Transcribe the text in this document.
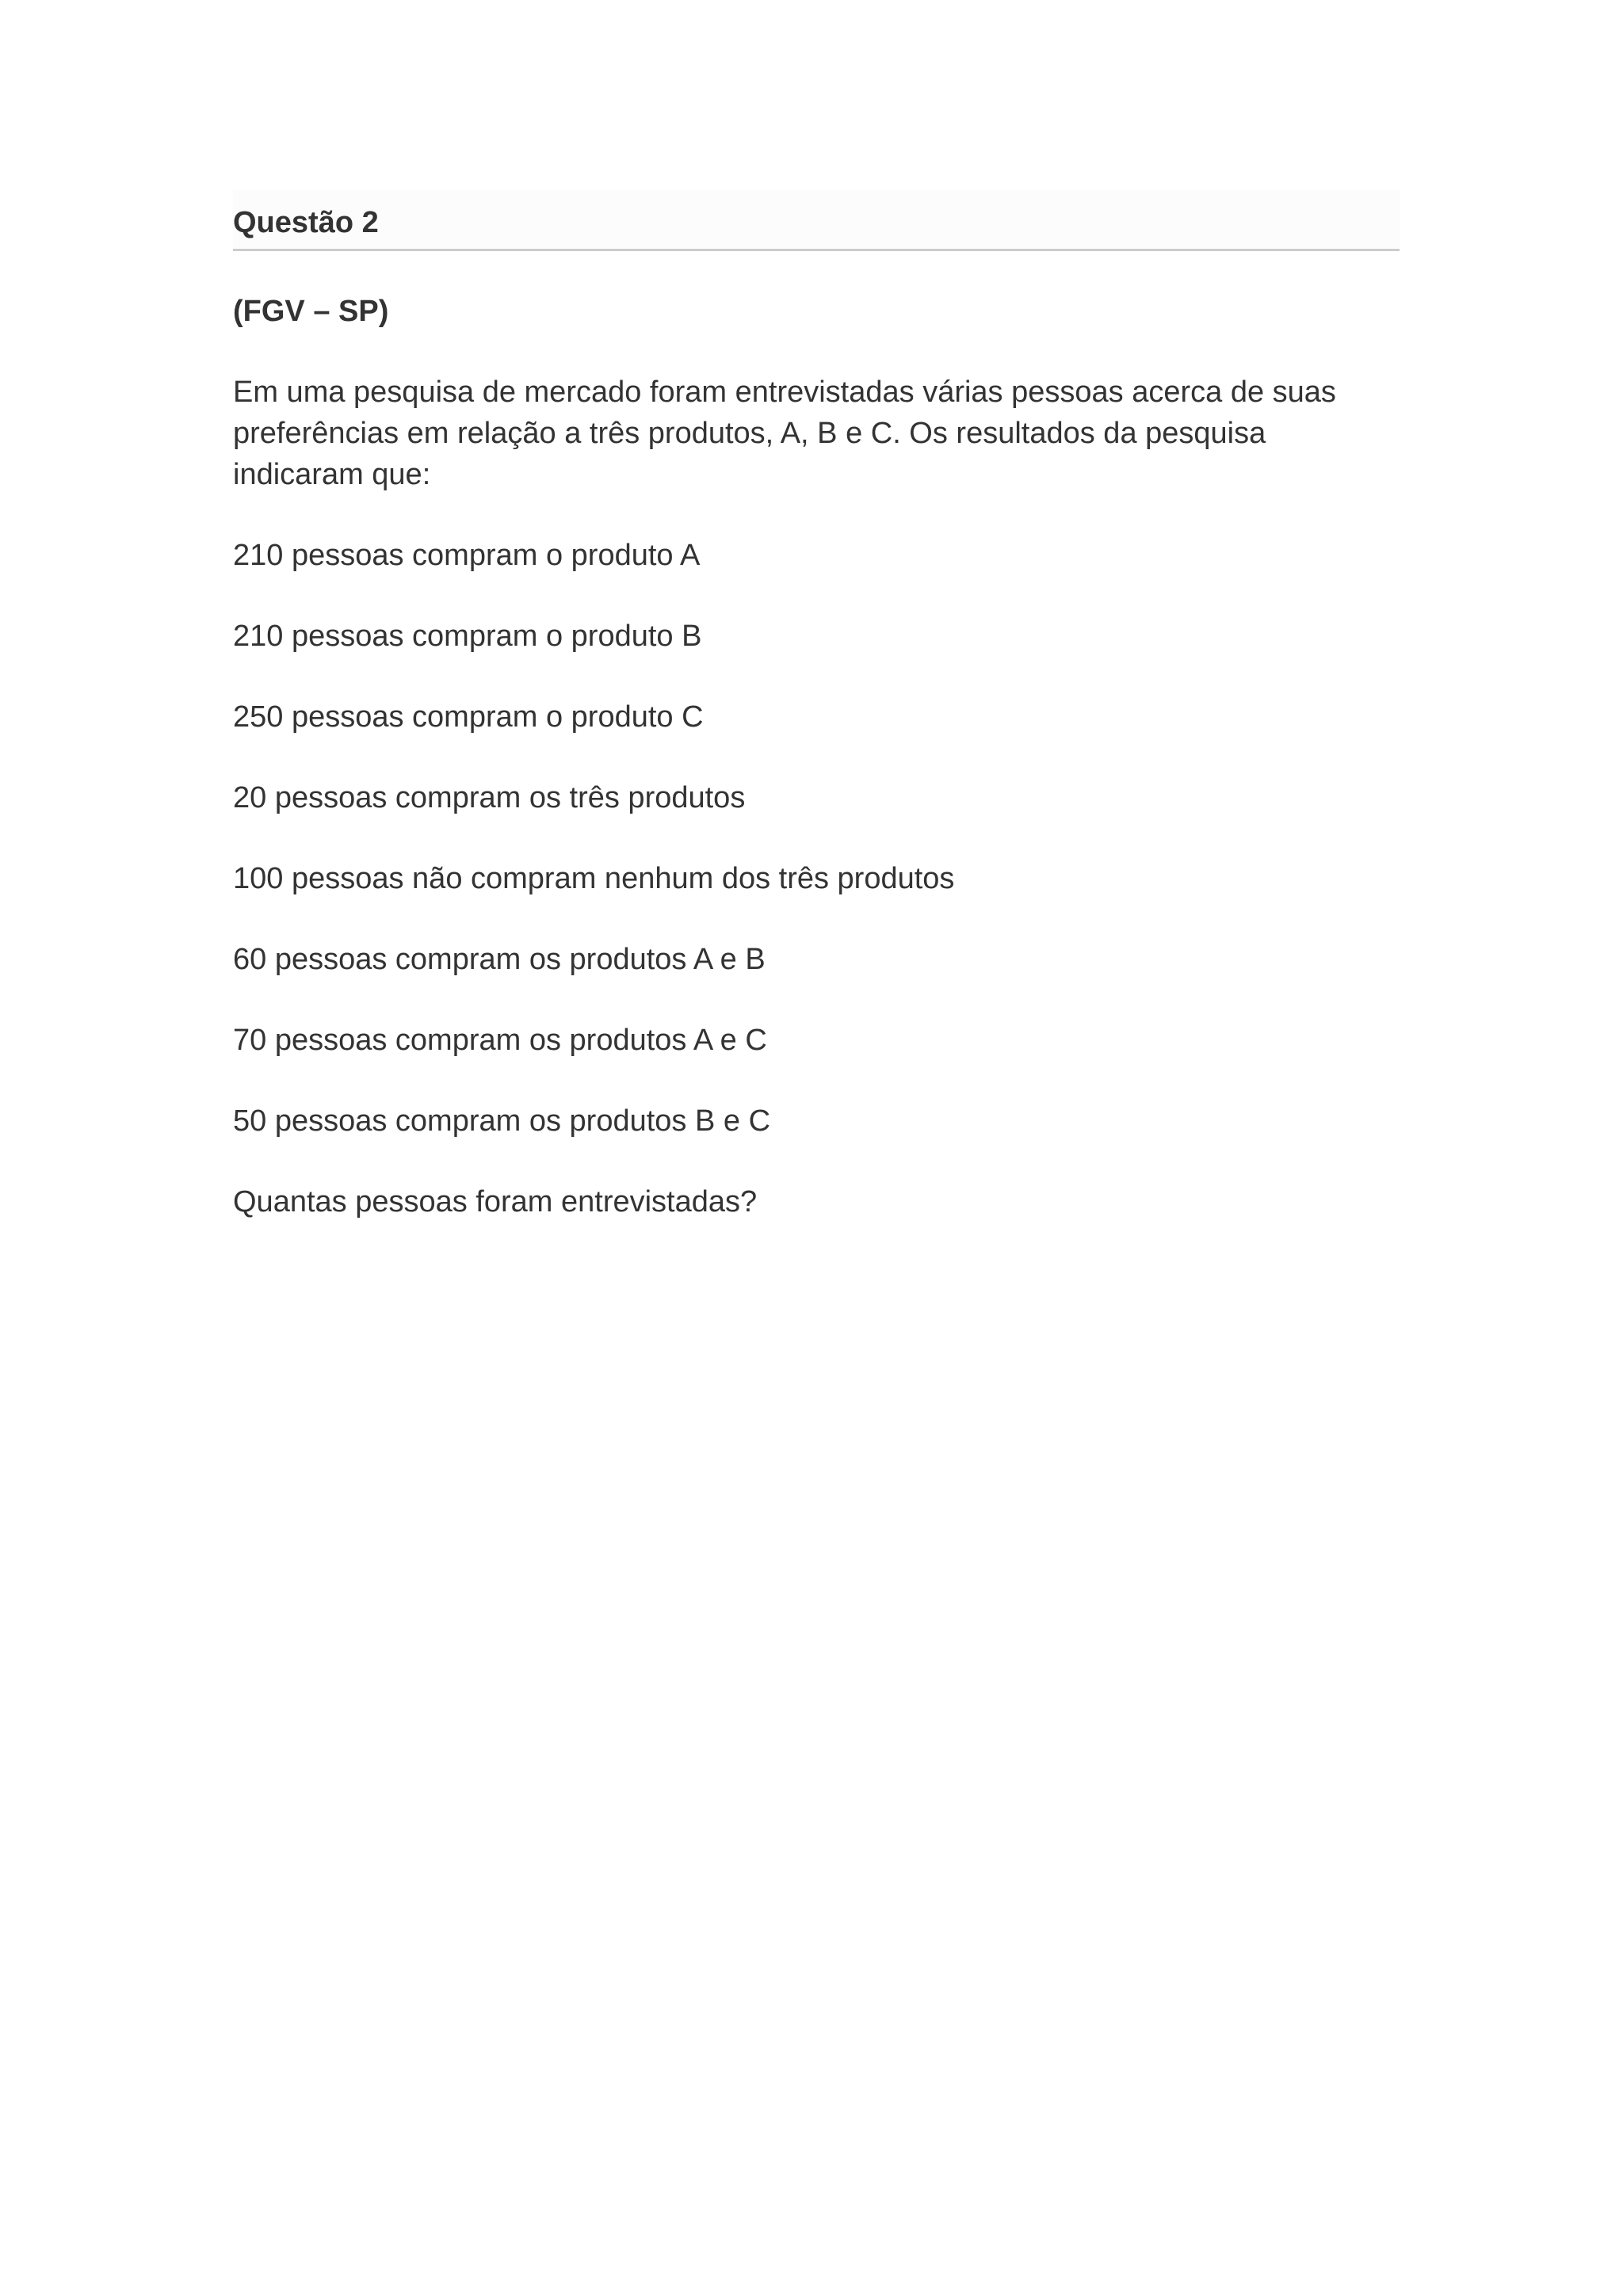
Questão 2

(FGV – SP)

Em uma pesquisa de mercado foram entrevistadas várias pessoas acerca de suas preferências em relação a três produtos, A, B e C. Os resultados da pesquisa indicaram que:

210 pessoas compram o produto A

210 pessoas compram o produto B

250 pessoas compram o produto C

20 pessoas compram os três produtos

100 pessoas não compram nenhum dos três produtos

60 pessoas compram os produtos A e B

70 pessoas compram os produtos A e C

50 pessoas compram os produtos B e C

Quantas pessoas foram entrevistadas?
